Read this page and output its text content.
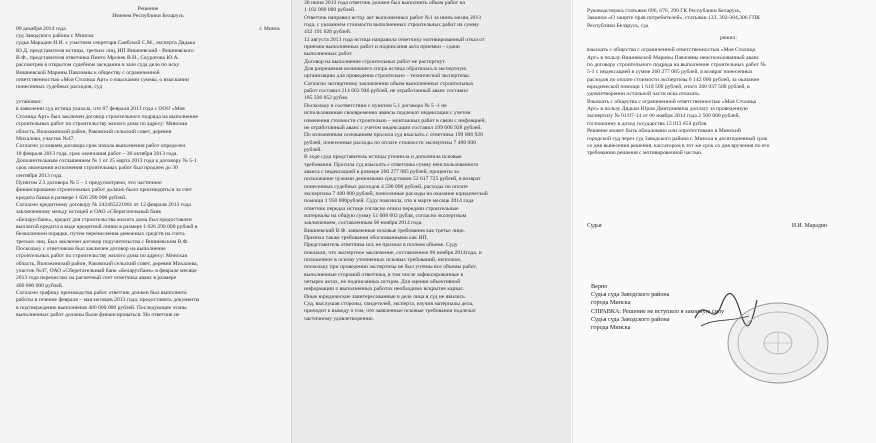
Решение
Именем Республики Беларусь
09 декабря 2014 года	г. Минск
суд Заводского района г. Минска
судья Марадин И.И. с участием секретаря Санбской С.М., эксперта Дядька
Ю.Д. представителя истицы, третьих лиц, ИП Вишневский - Вишневского
В.Ф., представителя ответчика Пинто Мрочек В.И., Скуратова Ю.А.
рассмотрев в открытом судебном заседании в зале суда дело по иску
Вишневской Марины Павловны к обществу с ограниченной
ответственностью «Моя Столица Арт» о взыскании суммы, о взыскании
понесенных судебных расходов, суд

установил:
в заявлении суд истица указала, что 07 февраля 2013 года с ООО «Моя
Столица Арт» был заключен договор строительного подряда на выполнение
строительных работ по строительству жилого дома по адресу: Минская
область, Воложинский район, Раковский сельский совет, деревня
Михалова, участок №47.
Согласно условиям договора срок начала выполнения работ определен
18 февраля 2013 года, срок окончания работ – 30 октября 2013 года.
Дополнительным соглашением № 1 от 25 марта 2013 года к договору № 5-1
срок окончания исполнения строительных работ был продлен до 30
сентября 2013 года.
Пунктом 2.3 договора № 5 – 1 предусмотрено, что частичное
финансирование строительных работ должно было производиться за счет
кредита банка в размере 1 026 290 000 рублей.
Согласно кредитному договору № 242465221001 от 12 февраля 2013 года
заключенному между истицей и ОАО «Сберегательный банк
«Беларусбанк», кредит для строительства жилого дома был предоставлен
выплатой кредита в виде кредитной линии в размере 1 026 290 000 рублей в
безналичном порядке, путем перечисления денежных средств на счета
третьих лиц. Был заключен договор поручительства с Вишневским В.Ф.
Поскольку с ответчиком был заключен договор на выполнение
строительных работ по строительству жилого дома по адресу: Минская
область, Воложинский район, Раковский сельский совет, деревня Михалова,
участок №47, ОАО «Сберегательный банк «Беларусбанк» в феврале месяце
2013 года перечислил на расчетный счет ответчика аванс в размере
400 000 000 рублей.
Согласно графику производства работ ответчик должен был выполнить
работы в течение февраля – мая месяцев 2013 года, предоставить документы
в подтверждение выполнения 400 000 000 рублей. Последующие этапы
выполненных работ должны были финансироваться. Но ответчик не
30 июня 2013 года ответчик должен был выполнить объем работ на
1 102 000 000 рублей.
Ответчик направил истцу акт выполненных работ №1 за июнь месяц 2013
года, с указанием стоимости выполненных строительных работ на сумму
432 191 028 рублей.
12 августа 2013 года истица направила ответчику мотивированный отказ от
приемки выполненных работ и подписания акта приемки – сдачи
выполненных работ.
Договор на выполнение строительных работ не расторгнут.
Для разрешения возникшего спора истица обратилась в экспертную
организацию для проведения строительно – технической экспертизы.
Согласно экспертному заключению объем выполненных строительных
работ составил 214 663 946 рублей, не отработанный аванс составил
185 336 052 рубля.
Поскольку в соответствии с пунктом 5.1 договора № 5 -1 не
использованные своевременно авансы подлежат индексации с учетом
изменения стоимости строительно – монтажных работ в связи с инфляцией,
не отработанный аванс с учетом индексации составил 199 606 928 рублей.
По изложенным основаниям просила суд взыскать с ответчика 199 606 928
рублей, понесенные расходы по оплате стоимости экспертизы 7 400 000
рублей.
В ходе суда представитель истицы уточнила и дополнила исковые
требования. Просила суд взыскать с ответчика сумму неиспользованного
аванса с индексацией в размере 260 277 085 рублей, проценты за
пользование чужими денежными средствами 52 617 725 рублей, в возврат
понесенных судебных расходов 4 590 000 рублей, расходы по оплате
экспертизы 7 400 000 рублей, понесенные расходы на оказание юридической
помощи 1 950 000рублей. Суду пояснила, что в марте месяце 2014 года
ответчик передал истице согласно описи передачи строительные
материалы на общую сумму 51 008 602 рубля, согласно экспертным
заключением, составленным 06 ноября 2014 года.
Вишневский В.Ф. заявленные исковые требования как третье лицо.
Признал также требования обоснованными как ИП.
Представитель ответчика иск не признал в полном объеме. Суду
показали, что экспертное заключение, составленное 06 ноября 2014года, и
положенное в основу уточненных исковых требований, неполное,
поскольку при проведении экспертизы не был учтены все объемы работ,
выполненные стороной ответчика, в том числе зафиксированные в
четырех актах, не подписанных истцом. Для оценки объективной
информации о выполненных работах необходимо вскрытие каркас.
Иные юридические заинтересованные в деле лица в суд не явились.
Суд, выслушав стороны, свидетелей, эксперта, изучив материалы дела,
приходит к выводу о том, что заявленные исковые требования подлежат
частичному удовлетворению.
Руководствуясь статьями 696, 676, 290 ГК Республики Беларусь,
Законом «О защите прав потребителей», статьями 133, 302-304,306 ГПК
Республики Беларусь, суд
решил:
взыскать с общества с ограниченной ответственностью «Моя Столица
Арт» в пользу Вишневской Марины Павловны неиспользованный аванс
по договору строительного подряда на выполнение строительных работ №
5-1 с индексацией в сумме 260 277 085 рублей, в возврат понесенных
расходов по оплате стоимости экспертизы 6 142 000 рублей, за оказание
юридической помощи 1 618 500 рублей, итого 268 037 588 рублей, в
удовлетворении остальной части иска отказать.
Взыскать с общества с ограниченной ответственностью «Моя Столица
Арт» в пользу Дядьки Юрия Дмитриевича доплату за проведенную
экспертизу № 01/07-14 от 06 ноября 2014 года 2 500 000 рублей,
госпошлину в доход государства 13 013 854 рубля.
Решение может быть обжаловано или опротестовано в Минский
городской суд через суд Заводского района г. Минска в десятидневный срок
со дня вынесения решения, кассатором в тот же срок со дня вручения по его
требованию решения с мотивировочной частью.
Судья	И.И. Марадин
Верно
Судья суда Заводского района
города Минска
СПРАВКА: Решение не вступило в законную силу
Судья суда Заводского района
города Минска
